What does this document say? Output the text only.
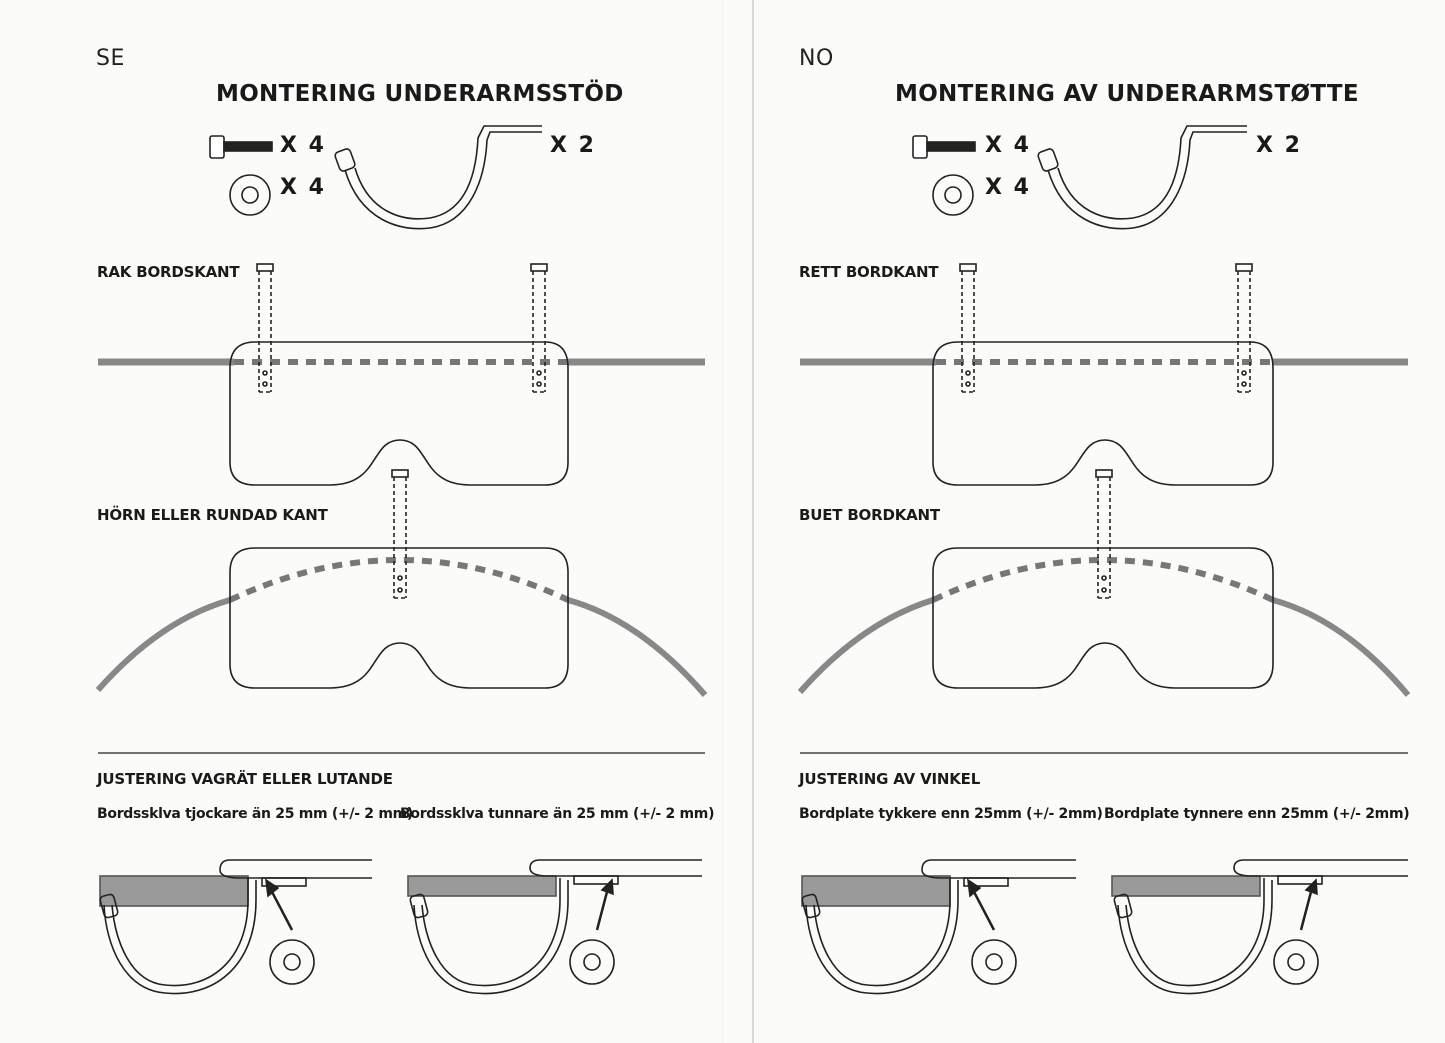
SE
MONTERING UNDERARMSSTÖD
X 4
X 4
X 2
RAK BORDSKANT
HÖRN ELLER RUNDAD KANT
JUSTERING VAGRÄT ELLER LUTANDE
Bordssklva tjockare än 25 mm (+/- 2 mm)
Bordssklva tunnare än 25 mm (+/- 2 mm)
NO
MONTERING AV UNDERARMSTØTTE
X 4
X 4
X 2
RETT BORDKANT
BUET BORDKANT
JUSTERING AV VINKEL
Bordplate tykkere enn 25mm (+/- 2mm) Bordplate tynnere enn 25mm (+/- 2mm)
